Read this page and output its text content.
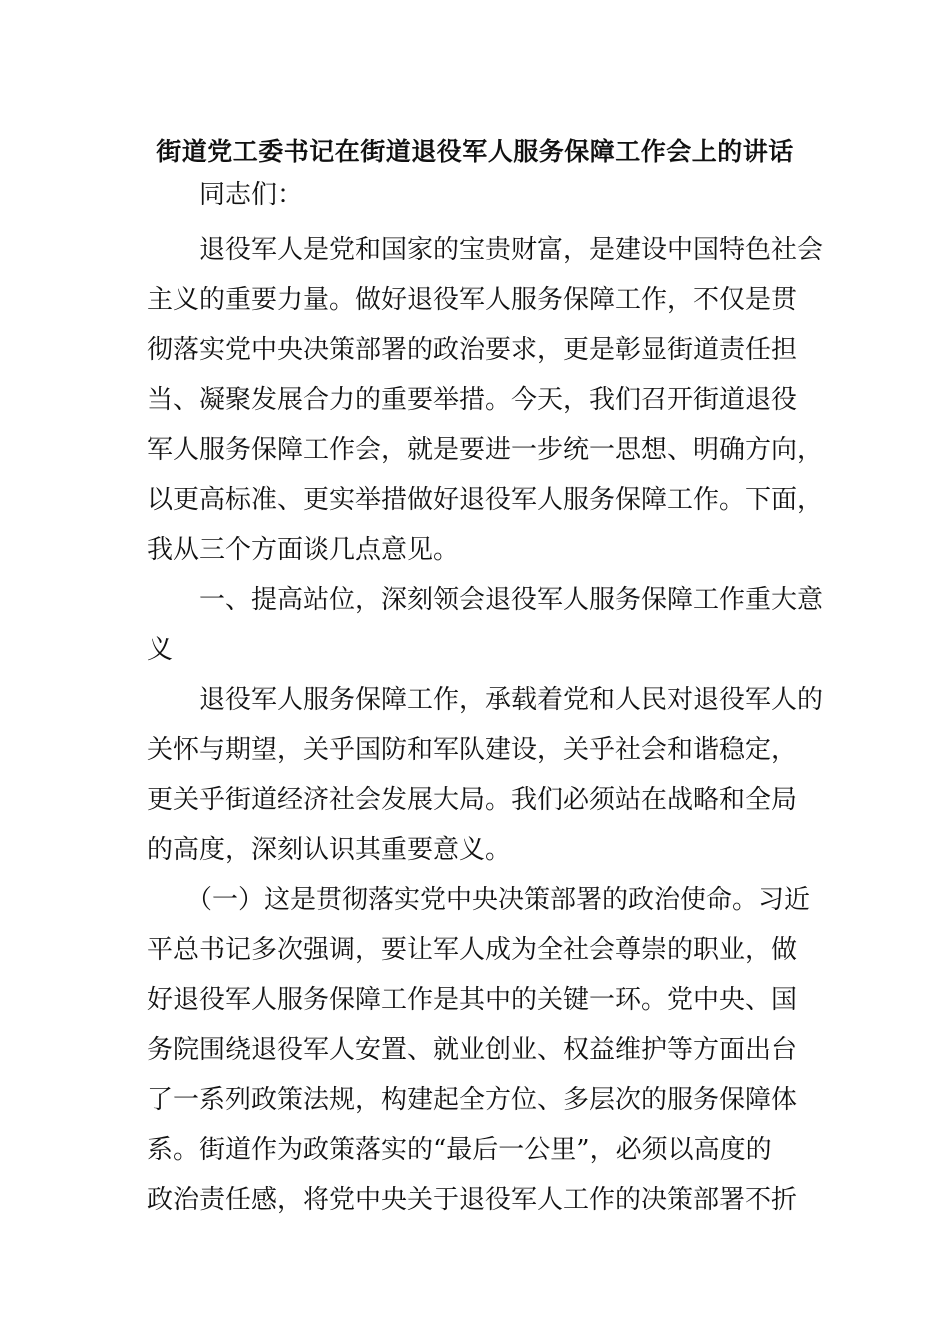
街道党工委书记在街道退役军人服务保障工作会上的讲话
　　同志们：
　　退役军人是党和国家的宝贵财富，是建设中国特色社会
主义的重要力量。做好退役军人服务保障工作，不仅是贯
彻落实党中央决策部署的政治要求，更是彰显街道责任担
当、凝聚发展合力的重要举措。今天，我们召开街道退役
军人服务保障工作会，就是要进一步统一思想、明确方向，
以更高标准、更实举措做好退役军人服务保障工作。下面，
我从三个方面谈几点意见。
　　一、提高站位，深刻领会退役军人服务保障工作重大意
义
　　退役军人服务保障工作，承载着党和人民对退役军人的
关怀与期望，关乎国防和军队建设，关乎社会和谐稳定，
更关乎街道经济社会发展大局。我们必须站在战略和全局
的高度，深刻认识其重要意义。
　　（一）这是贯彻落实党中央决策部署的政治使命。习近
平总书记多次强调，要让军人成为全社会尊崇的职业，做
好退役军人服务保障工作是其中的关键一环。党中央、国
务院围绕退役军人安置、就业创业、权益维护等方面出台
了一系列政策法规，构建起全方位、多层次的服务保障体
系。街道作为政策落实的“最后一公里”，必须以高度的
政治责任感，将党中央关于退役军人工作的决策部署不折
